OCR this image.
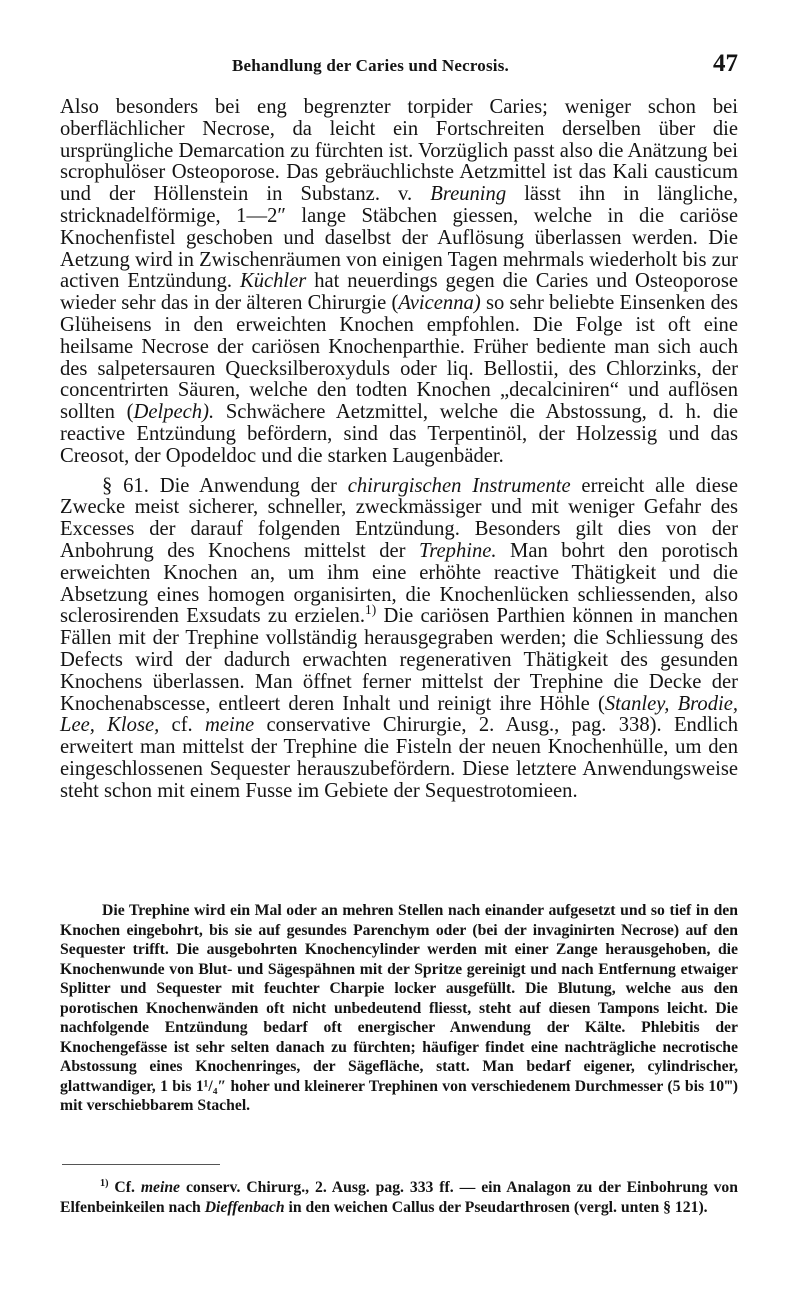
Behandlung der Caries und Necrosis.	47

Also besonders bei eng begrenzter torpider Caries; weniger schon bei oberflächlicher Necrose, da leicht ein Fortschreiten derselben über die ursprüngliche Demarcation zu fürchten ist. Vorzüglich passt also die Anätzung bei scrophulöser Osteoporose. Das gebräuchlichste Aetzmittel ist das Kali causticum und der Höllenstein in Substanz. v. Breuning lässt ihn in längliche, stricknadelförmige, 1—2″ lange Stäbchen giessen, welche in die cariöse Knochenfistel geschoben und daselbst der Auflösung überlassen werden. Die Aetzung wird in Zwischenräumen von einigen Tagen mehrmals wiederholt bis zur activen Entzündung. Küchler hat neuerdings gegen die Caries und Osteoporose wieder sehr das in der älteren Chirurgie (Avicenna) so sehr beliebte Einsenken des Glüheisens in den erweichten Knochen empfohlen. Die Folge ist oft eine heilsame Necrose der cariösen Knochenparthie. Früher bediente man sich auch des salpetersauren Quecksilberoxyduls oder liq. Bellostii, des Chlorzinks, der concentrirten Säuren, welche den todten Knochen „decalciniren“ und auflösen sollten (Delpech). Schwächere Aetzmittel, welche die Abstossung, d. h. die reactive Entzündung befördern, sind das Terpentinöl, der Holzessig und das Creosot, der Opodeldoc und die starken Laugenbäder.

§ 61. Die Anwendung der chirurgischen Instrumente erreicht alle diese Zwecke meist sicherer, schneller, zweckmässiger und mit weniger Gefahr des Excesses der darauf folgenden Entzündung. Besonders gilt dies von der Anbohrung des Knochens mittelst der Trephine. Man bohrt den porotisch erweichten Knochen an, um ihm eine erhöhte reactive Thätigkeit und die Absetzung eines homogen organisirten, die Knochenlücken schliessenden, also sclerosirenden Exsudats zu erzielen.$^{1)}$ Die cariösen Parthien können in manchen Fällen mit der Trephine vollständig herausgegraben werden; die Schliessung des Defects wird der dadurch erwachten regenerativen Thätigkeit des gesunden Knochens überlassen. Man öffnet ferner mittelst der Trephine die Decke der Knochenabscesse, entleert deren Inhalt und reinigt ihre Höhle (Stanley, Brodie, Lee, Klose, cf. meine conservative Chirurgie, 2. Ausg., pag. 338). Endlich erweitert man mittelst der Trephine die Fisteln der neuen Knochenhülle, um den eingeschlossenen Sequester herauszubefördern. Diese letztere Anwendungsweise steht schon mit einem Fusse im Gebiete der Sequestrotomieen.

Die Trephine wird ein Mal oder an mehren Stellen nach einander aufgesetzt und so tief in den Knochen eingebohrt, bis sie auf gesundes Parenchym oder (bei der invaginirten Necrose) auf den Sequester trifft. Die ausgebohrten Knochencylinder werden mit einer Zange herausgehoben, die Knochenwunde von Blut- und Sägespähnen mit der Spritze gereinigt und nach Entfernung etwaiger Splitter und Sequester mit feuchter Charpie locker ausgefüllt. Die Blutung, welche aus den porotischen Knochenwänden oft nicht unbedeutend fliesst, steht auf diesen Tampons leicht. Die nachfolgende Entzündung bedarf oft energischer Anwendung der Kälte. Phlebitis der Knochengefässe ist sehr selten danach zu fürchten; häufiger findet eine nachträgliche necrotische Abstossung eines Knochenringes, der Sägefläche, statt. Man bedarf eigener, cylindrischer, glattwandiger, 1 bis 1¹/₄″ hoher und kleinerer Trephinen von verschiedenem Durchmesser (5 bis 10‴) mit verschiebbarem Stachel.
$^{1)}$ Cf. meine conserv. Chirurg., 2. Ausg. pag. 333 ff. — ein Analagon zu der Einbohrung von Elfenbeinkeilen nach Dieffenbach in den weichen Callus der Pseudarthrosen (vergl. unten § 121).
